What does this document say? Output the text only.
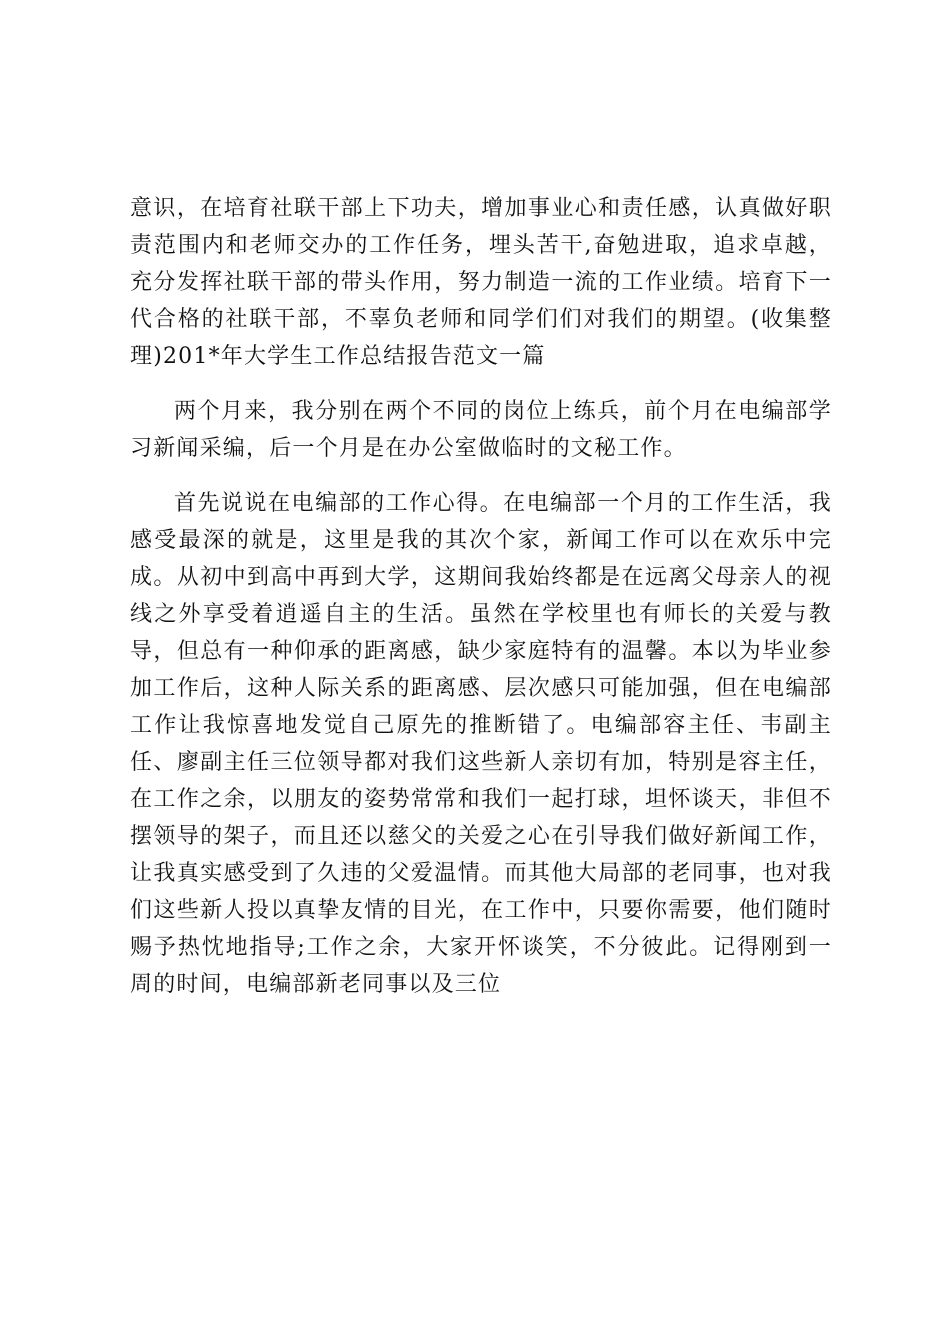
意识，在培育社联干部上下功夫，增加事业心和责任感，认真做好职责范围内和老师交办的工作任务，埋头苦干,奋勉进取，追求卓越，充分发挥社联干部的带头作用，努力制造一流的工作业绩。培育下一代合格的社联干部，不辜负老师和同学们们对我们的期望。(收集整理)201*年大学生工作总结报告范文一篇

两个月来，我分别在两个不同的岗位上练兵，前个月在电编部学习新闻采编，后一个月是在办公室做临时的文秘工作。

首先说说在电编部的工作心得。在电编部一个月的工作生活，我感受最深的就是，这里是我的其次个家，新闻工作可以在欢乐中完成。从初中到高中再到大学，这期间我始终都是在远离父母亲人的视线之外享受着逍遥自主的生活。虽然在学校里也有师长的关爱与教导，但总有一种仰承的距离感，缺少家庭特有的温馨。本以为毕业参加工作后，这种人际关系的距离感、层次感只可能加强，但在电编部工作让我惊喜地发觉自己原先的推断错了。电编部容主任、韦副主任、廖副主任三位领导都对我们这些新人亲切有加，特别是容主任，在工作之余，以朋友的姿势常常和我们一起打球，坦怀谈天，非但不摆领导的架子，而且还以慈父的关爱之心在引导我们做好新闻工作，让我真实感受到了久违的父爱温情。而其他大局部的老同事，也对我们这些新人投以真挚友情的目光，在工作中，只要你需要，他们随时赐予热忱地指导;工作之余，大家开怀谈笑，不分彼此。记得刚到一周的时间，电编部新老同事以及三位
